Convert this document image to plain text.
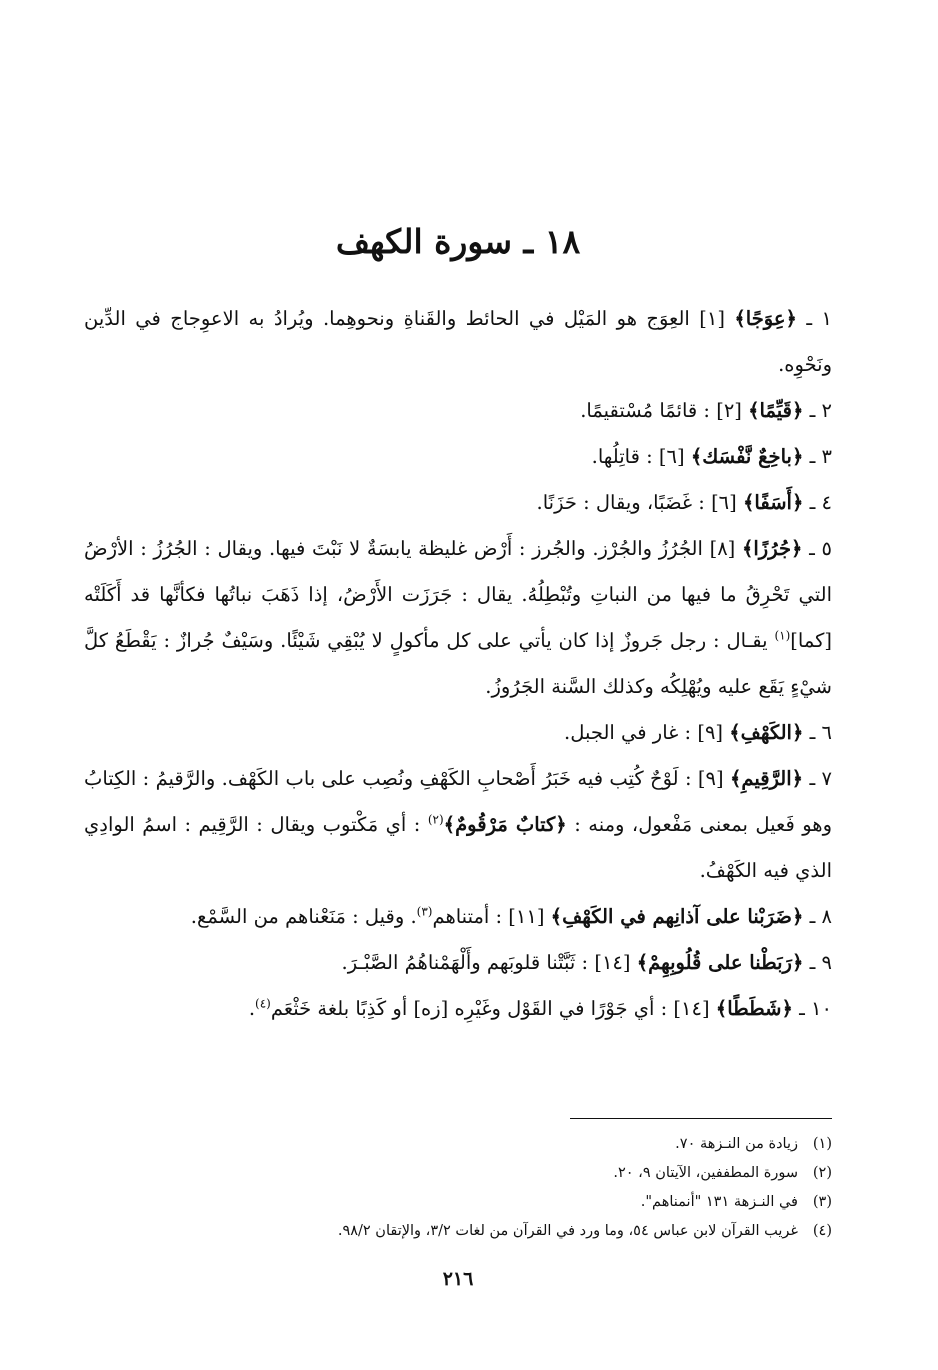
١٨ ـ سورة الكهف

١ ـ ﴿عِوَجًا﴾ [١] العِوَج هو المَيْل في الحائط والقَناةِ ونحوهِما. ويُرادُ به الاعوِجاج في الدِّين ونَحْوِه.

٢ ـ ﴿قَيِّمًا﴾ [٢] : قائمًا مُسْتقيمًا.

٣ ـ ﴿باخِعٌ نَّفْسَك﴾ [٦] : قاتِلُها.

٤ ـ ﴿أَسَفًا﴾ [٦] : غَضَبًا، ويقال : حَزَنًا.

٥ ـ ﴿جُرُزًا﴾ [٨] الجُرُزُ والجُرْز. والجُرز : أَرْض غليظة يابسَةٌ لا نَبْتَ فيها. ويقال : الجُرُزُ : الأرْضُ التي تَحْرِقُ ما فيها من النباتِ وتُبْطِلُهُ. يقال : جَرَزَت الأَرْضُ، إذا ذَهَبَ نباتُها فكأنَّها قد أَكَلَتْه [كما]$^{(١)}$ يقـال : رجل جَروزٌ إذا كان يأتي على كل مأكولٍ لا يُبْقِي شَيْئًا. وسَيْفٌ جُرازٌ : يَقْطَعُ كلَّ شيْءٍ يَقَع عليه ويُهْلِكُه وكذلك السَّنة الجَرُوزُ.

٦ ـ ﴿الكَهْفِ﴾ [٩] : غار في الجبل.

٧ ـ ﴿الرَّقِيمِ﴾ [٩] : لَوْحٌ كُتِب فيه خَبَرُ أَصْحابِ الكَهْفِ ونُصِب على باب الكَهْف. والرَّقيمُ : الكِتابُ وهو فَعيل بمعنى مَفْعول، ومنه : ﴿كتابٌ مَرْقُومٌ﴾$^{(٢)}$ : أي مَكْتوب ويقال : الرَّقِيم : اسمُ الوادِي الذي فيه الكَهْفُ.

٨ ـ ﴿ضَرَبْنا على آذانِهم في الكَهْفِ﴾ [١١] : أمتناهم$^{(٣)}$. وقيل : مَنَعْناهم من السَّمْع.

٩ ـ ﴿رَبَطْنا على قُلُوبِهِمْ﴾ [١٤] : ثَبَّتْنا قلوبَهم وأَلْهَمْناهُمُ الصَّبْـرَ.

١٠ ـ ﴿شَطَطًا﴾ [١٤] : أي جَوْرًا في القَوْل وغَيْرِه [زه] أو كَذِبًا بلغة خَثْعَم$^{(٤)}$.

(١)زيادة من النـزهة ٧٠.

(٢)سورة المطففين، الآيتان ٩، ٢٠.

(٣)في النـزهة ١٣١ "أنمناهم".

(٤)غريب القرآن لابن عباس ٥٤، وما ورد في القرآن من لغات ٣/٢، والإتقان ٩٨/٢.

٢١٦
